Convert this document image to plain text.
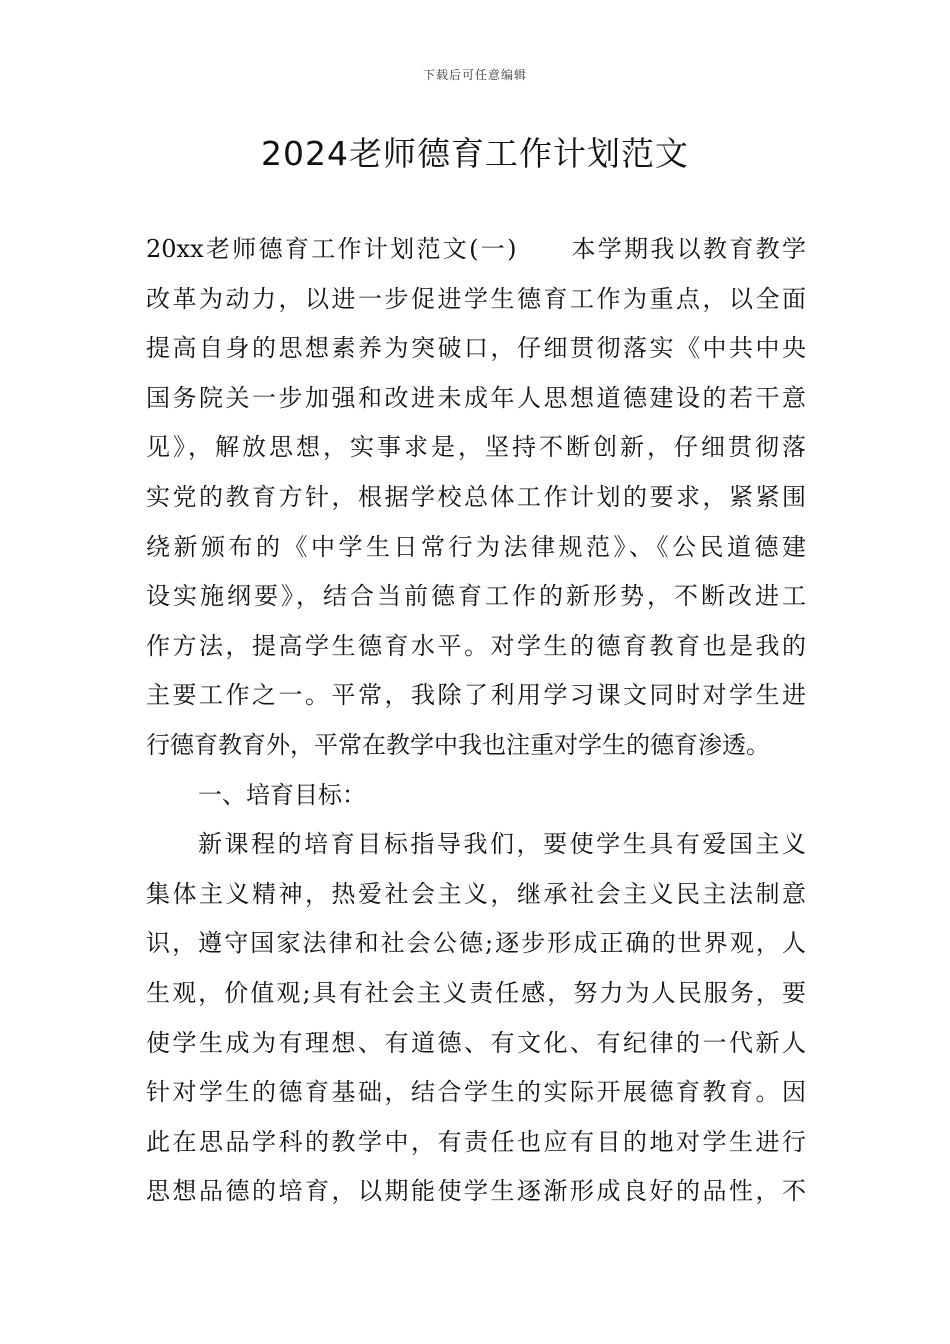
下载后可任意编辑
2024老师德育工作计划范文
20xx老师德育工作计划范文(一)　　本学期我以教育教学
改革为动力，以进一步促进学生德育工作为重点，以全面
提高自身的思想素养为突破口，仔细贯彻落实《中共中央
国务院关一步加强和改进未成年人思想道德建设的若干意
见》，解放思想，实事求是，坚持不断创新，仔细贯彻落
实党的教育方针，根据学校总体工作计划的要求，紧紧围
绕新颁布的《中学生日常行为法律规范》、《公民道德建
设实施纲要》，结合当前德育工作的新形势，不断改进工
作方法，提高学生德育水平。对学生的德育教育也是我的
主要工作之一。平常，我除了利用学习课文同时对学生进
行德育教育外，平常在教学中我也注重对学生的德育渗透。
一、培育目标：
新课程的培育目标指导我们，要使学生具有爱国主义
集体主义精神，热爱社会主义，继承社会主义民主法制意
识，遵守国家法律和社会公德;逐步形成正确的世界观，人
生观，价值观;具有社会主义责任感，努力为人民服务，要
使学生成为有理想、有道德、有文化、有纪律的一代新人
针对学生的德育基础，结合学生的实际开展德育教育。因
此在思品学科的教学中，有责任也应有目的地对学生进行
思想品德的培育，以期能使学生逐渐形成良好的品性，不
